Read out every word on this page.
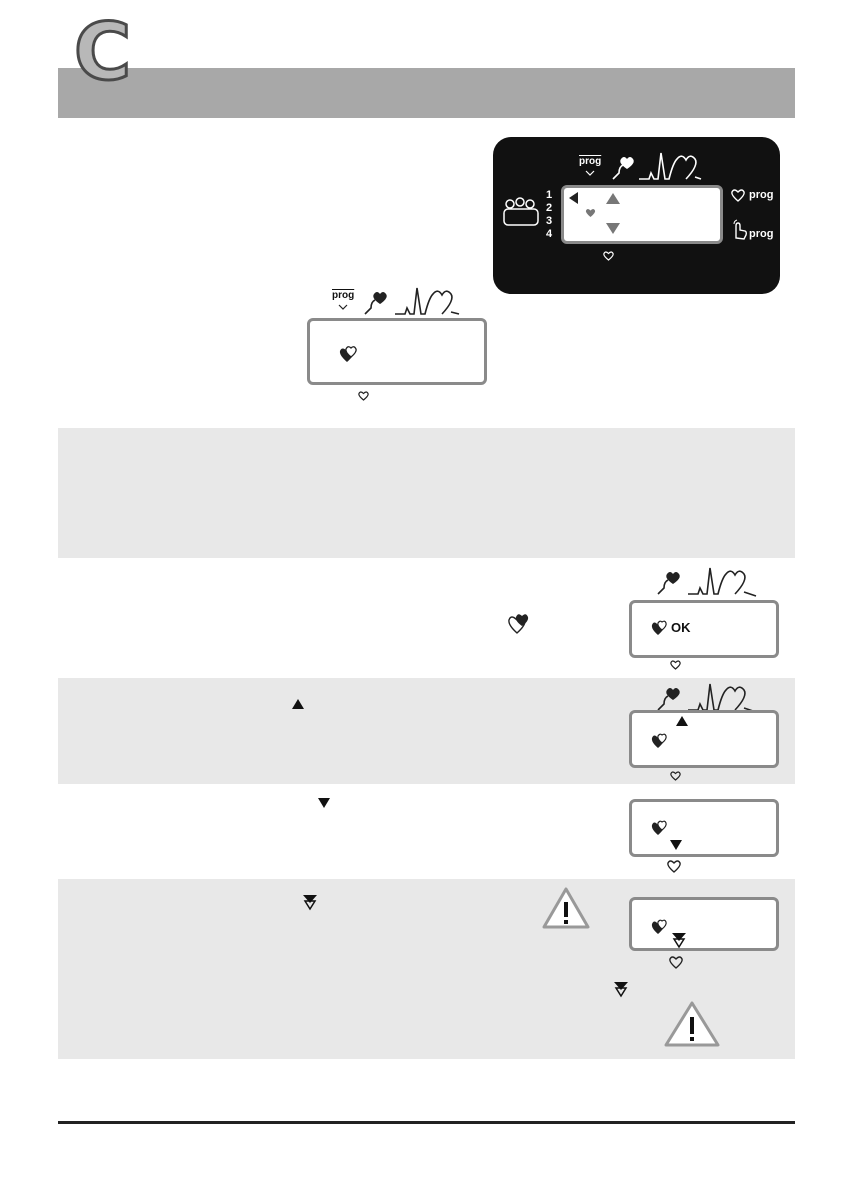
C
prog
1
2
3
4
prog
prog
prog
OK
